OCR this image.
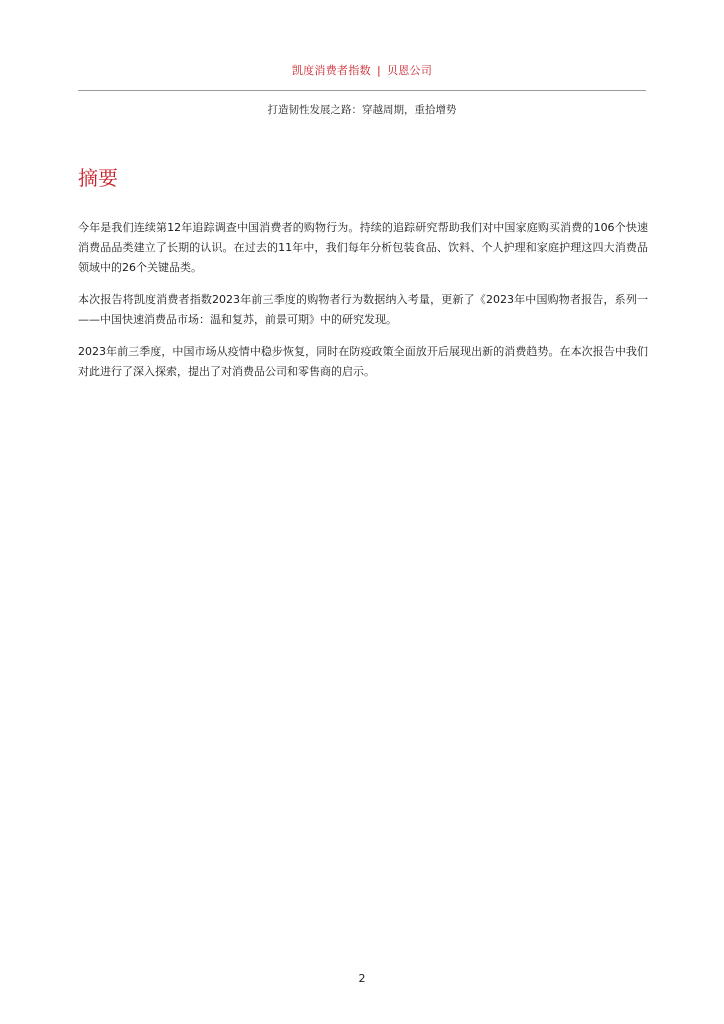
凯度消费者指数 | 贝恩公司
打造韧性发展之路：穿越周期，重拾增势
摘要

今年是我们连续第12年追踪调查中国消费者的购物行为。持续的追踪研究帮助我们对中国家庭购买消费的106个快速消费品品类建立了长期的认识。在过去的11年中，我们每年分析包装食品、饮料、个人护理和家庭护理这四大消费品领域中的26个关键品类。

本次报告将凯度消费者指数2023年前三季度的购物者行为数据纳入考量，更新了《2023年中国购物者报告，系列一——中国快速消费品市场：温和复苏，前景可期》中的研究发现。

2023年前三季度，中国市场从疫情中稳步恢复，同时在防疫政策全面放开后展现出新的消费趋势。在本次报告中我们对此进行了深入探索，提出了对消费品公司和零售商的启示。

2
